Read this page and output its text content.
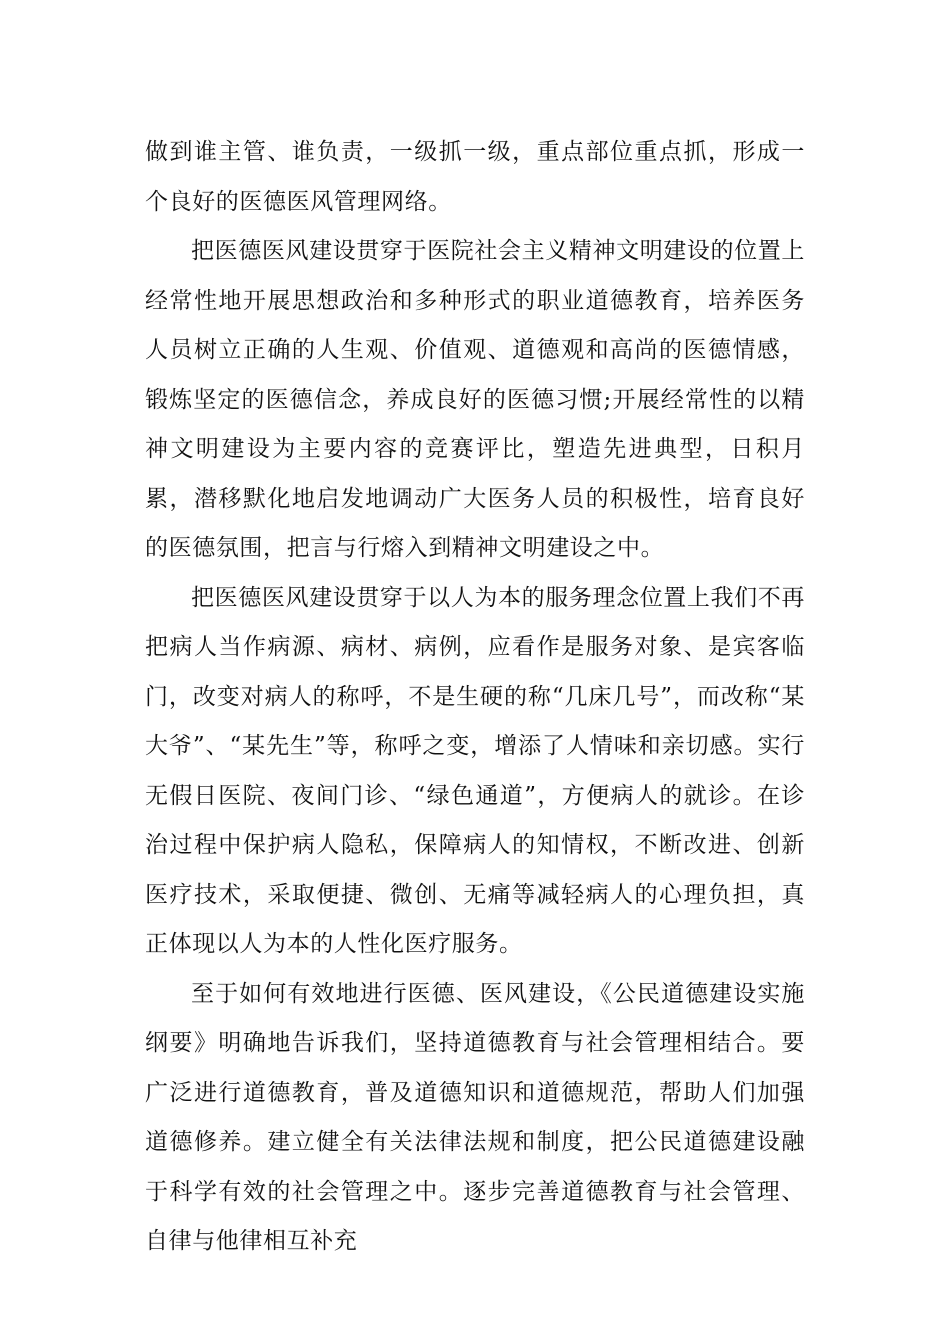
做到谁主管、谁负责，一级抓一级，重点部位重点抓，形成一个良好的医德医风管理网络。

把医德医风建设贯穿于医院社会主义精神文明建设的位置上经常性地开展思想政治和多种形式的职业道德教育，培养医务人员树立正确的人生观、价值观、道德观和高尚的医德情感，锻炼坚定的医德信念，养成良好的医德习惯;开展经常性的以精神文明建设为主要内容的竞赛评比，塑造先进典型，日积月累，潜移默化地启发地调动广大医务人员的积极性，培育良好的医德氛围，把言与行熔入到精神文明建设之中。

把医德医风建设贯穿于以人为本的服务理念位置上我们不再把病人当作病源、病材、病例，应看作是服务对象、是宾客临门，改变对病人的称呼，不是生硬的称“几床几号”，而改称“某大爷”、“某先生”等，称呼之变，增添了人情味和亲切感。实行无假日医院、夜间门诊、“绿色通道”，方便病人的就诊。在诊治过程中保护病人隐私，保障病人的知情权，不断改进、创新医疗技术，采取便捷、微创、无痛等减轻病人的心理负担，真正体现以人为本的人性化医疗服务。

至于如何有效地进行医德、医风建设，《公民道德建设实施纲要》明确地告诉我们，坚持道德教育与社会管理相结合。要广泛进行道德教育，普及道德知识和道德规范，帮助人们加强道德修养。建立健全有关法律法规和制度，把公民道德建设融于科学有效的社会管理之中。逐步完善道德教育与社会管理、自律与他律相互补充
